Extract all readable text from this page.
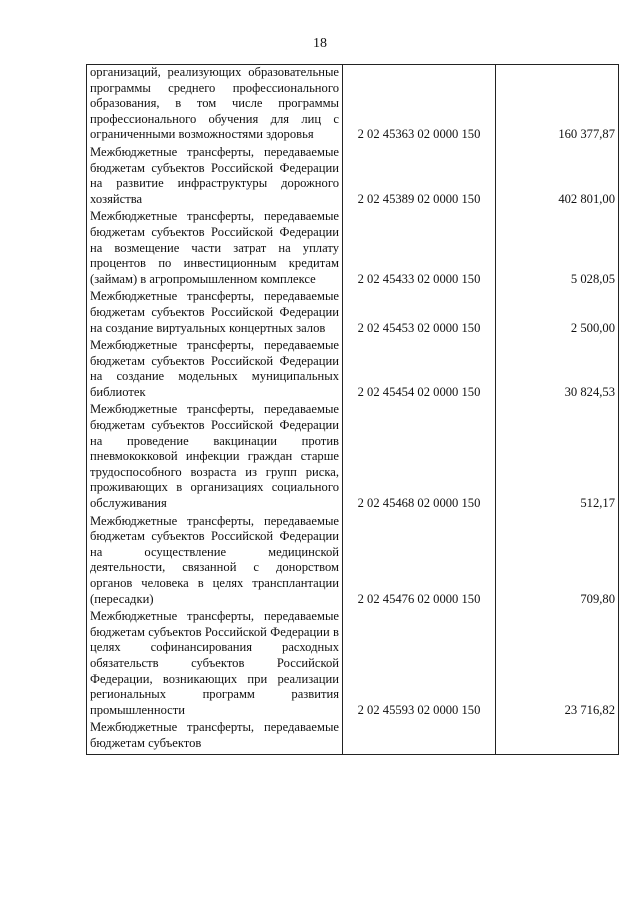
18
организаций, реализующих образовательные программы среднего профессионального образования, в том числе программы профессионального обучения для лиц с ограниченными возможностями здоровья	2 02 45363 02 0000 150	160 377,87
Межбюджетные трансферты, передаваемые бюджетам субъектов Российской Федерации на развитие инфраструктуры дорожного хозяйства	2 02 45389 02 0000 150	402 801,00
Межбюджетные трансферты, передаваемые бюджетам субъектов Российской Федерации на возмещение части затрат на уплату процентов по инвестиционным кредитам (займам) в агропромышленном комплексе	2 02 45433 02 0000 150	5 028,05
Межбюджетные трансферты, передаваемые бюджетам субъектов Российской Федерации на создание виртуальных концертных залов	2 02 45453 02 0000 150	2 500,00
Межбюджетные трансферты, передаваемые бюджетам субъектов Российской Федерации на создание модельных муниципальных библиотек	2 02 45454 02 0000 150	30 824,53
Межбюджетные трансферты, передаваемые бюджетам субъектов Российской Федерации на проведение вакцинации против пневмококковой инфекции граждан старше трудоспособного возраста из групп риска, проживающих в организациях социального обслуживания	2 02 45468 02 0000 150	512,17
Межбюджетные трансферты, передаваемые бюджетам субъектов Российской Федерации на осуществление медицинской деятельности, связанной с донорством органов человека в целях трансплантации (пересадки)	2 02 45476 02 0000 150	709,80
Межбюджетные трансферты, передаваемые бюджетам субъектов Российской Федерации в целях софинансирования расходных обязательств субъектов Российской Федерации, возникающих при реализации региональных программ развития промышленности	2 02 45593 02 0000 150	23 716,82
Межбюджетные трансферты, передаваемые бюджетам субъектов		
